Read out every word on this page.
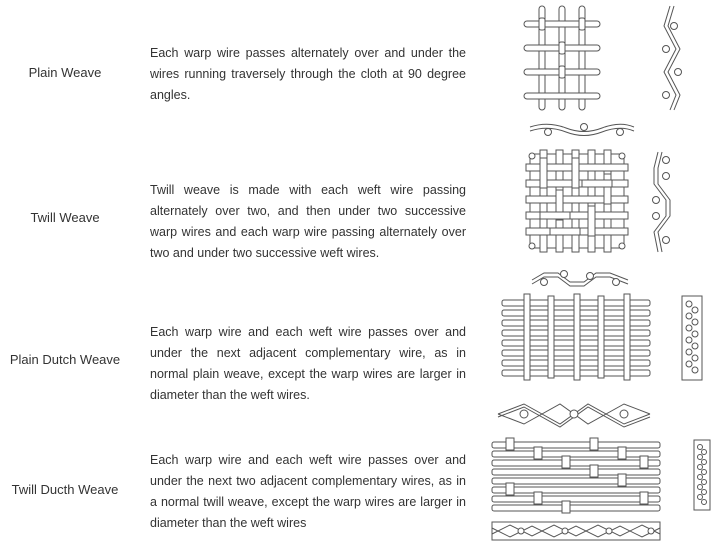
Plain Weave
Each warp wire passes alternately over and under the wires running traversely through the cloth at 90 degree angles.
Twill Weave
Twill weave is made with each weft wire passing alternately over two, and then under two successive warp wires and each warp wire passing alternately over two and under two successive weft wires.
Plain Dutch Weave
Each warp wire and each weft wire passes over and under the next adjacent complementary wire, as in normal plain weave, except the warp wires are larger in diameter than the weft wires.
Twill Ducth Weave
Each warp wire and each weft wire passes over and under the next two adjacent complementary wires, as in a normal twill weave, except the warp wires are larger in diameter than the weft wires
